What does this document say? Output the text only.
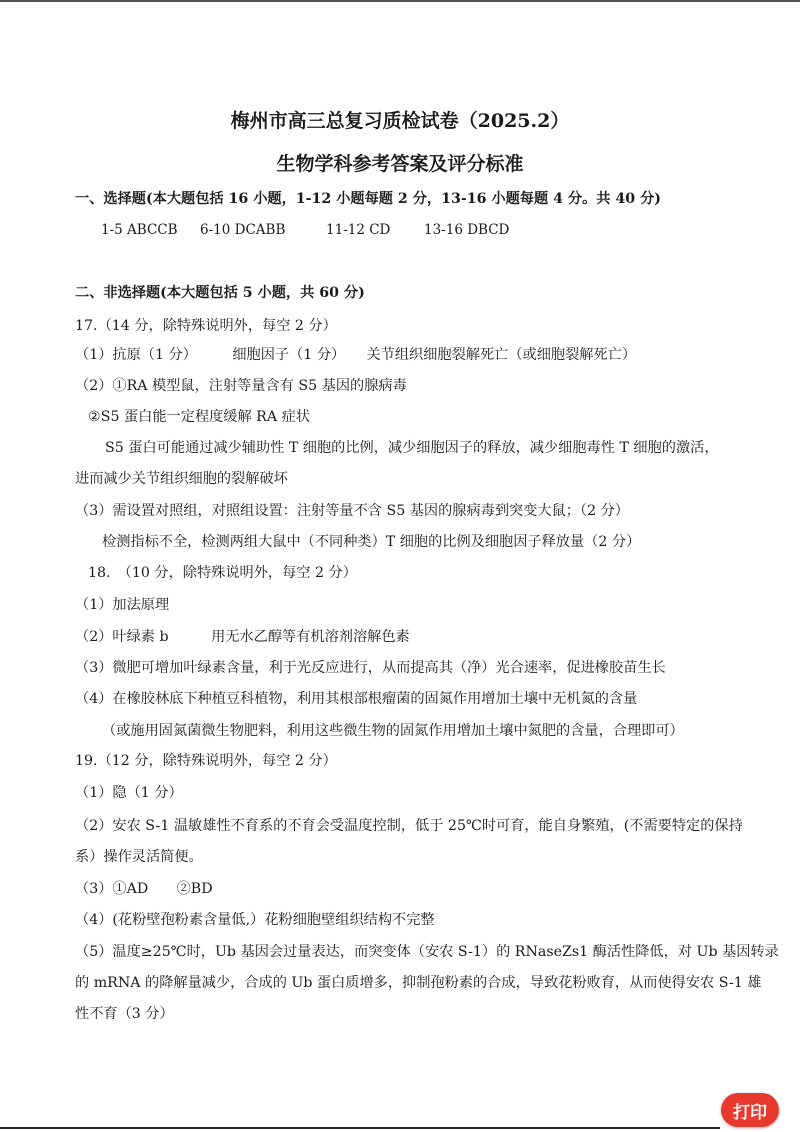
梅州市高三总复习质检试卷（2025.2）
生物学科参考答案及评分标准
一、选择题(本大题包括 16 小题，1-12 小题每题 2 分，13-16 小题每题 4 分。共 40 分)
1-5 ABCCB 6-10 DCABB	11-12 CD 13-16 DBCD
二、非选择题(本大题包括 5 小题，共 60 分)
17.（14 分，除特殊说明外，每空 2 分）
（1）抗原（1 分）　　　细胞因子（1 分）　　关节组织细胞裂解死亡（或细胞裂解死亡）
（2）①RA 模型鼠，注射等量含有 S5 基因的腺病毒
②S5 蛋白能一定程度缓解 RA 症状
S5 蛋白可能通过减少辅助性 T 细胞的比例，减少细胞因子的释放，减少细胞毒性 T 细胞的激活，
进而减少关节组织细胞的裂解破坏
（3）需设置对照组，对照组设置：注射等量不含 S5 基因的腺病毒到突变大鼠；（2 分）
检测指标不全，检测两组大鼠中（不同种类）T 细胞的比例及细胞因子释放量（2 分）
18.　（10 分，除特殊说明外，每空 2 分）
（1）加法原理
（2）叶绿素 b　　　用无水乙醇等有机溶剂溶解色素
（3）微肥可增加叶绿素含量，利于光反应进行，从而提高其（净）光合速率，促进橡胶苗生长
（4）在橡胶林底下种植豆科植物，利用其根部根瘤菌的固氮作用增加土壤中无机氮的含量
（或施用固氮菌微生物肥料，利用这些微生物的固氮作用增加土壤中氮肥的含量，合理即可）
19.（12 分，除特殊说明外，每空 2 分）
（1）隐（1 分）
（2）安农 S-1 温敏雄性不育系的不育会受温度控制，低于 25℃时可育，能自身繁殖，(不需要特定的保持
系）操作灵活简便。
（3）①AD　　②BD
（4）(花粉壁孢粉素含量低,）花粉细胞壁组织结构不完整
（5）温度≥25℃时，Ub 基因会过量表达，而突变体（安农 S-1）的 RNaseZs1 酶活性降低，对 Ub 基因转录
的 mRNA 的降解量减少，合成的 Ub 蛋白质增多，抑制孢粉素的合成，导致花粉败育，从而使得安农 S-1 雄
性不育（3 分）
打印
